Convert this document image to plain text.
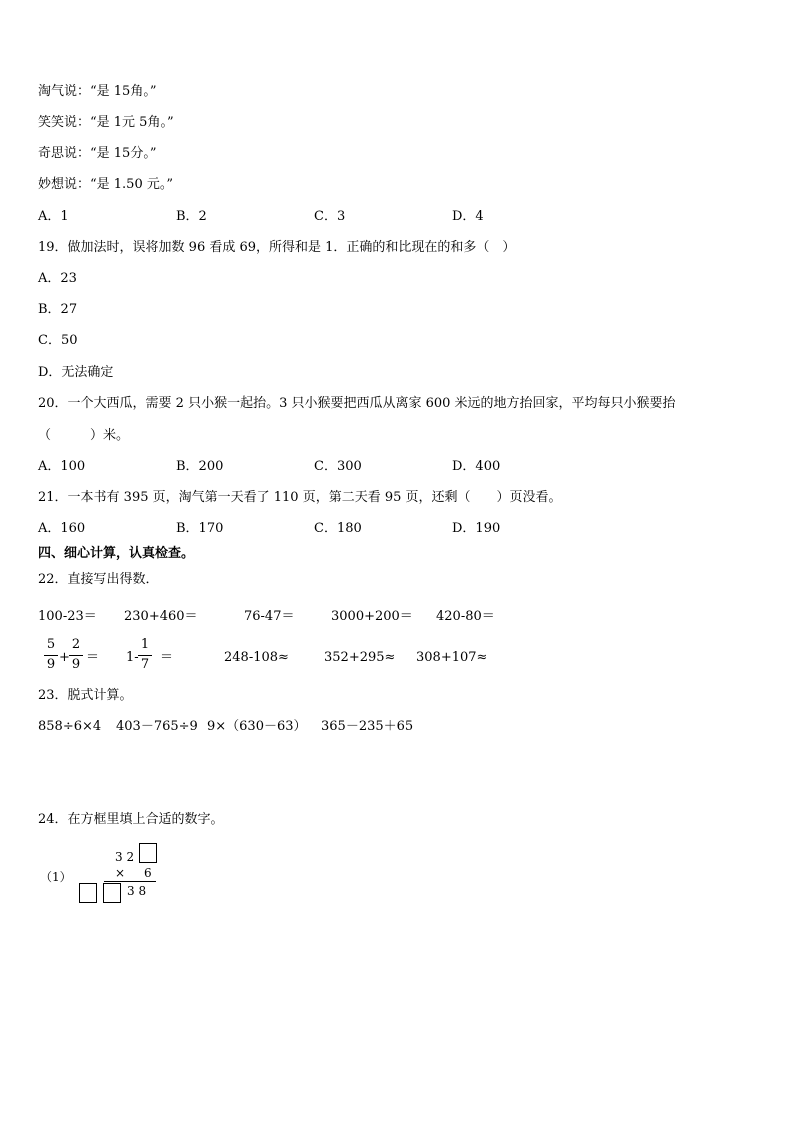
淘气说：“是 15角。”
笑笑说：“是 1元 5角。”
奇思说：“是 15分。”
妙想说：“是 1.50 元。”
A．1	B．2	C．3	D．4
19．做加法时，误将加数 96 看成 69，所得和是 1．正确的和比现在的和多（　）
A．23
B．27
C．50
D．无法确定
20．一个大西瓜，需要 2 只小猴一起抬。3 只小猴要把西瓜从离家 600 米远的地方抬回家，平均每只小猴要抬
（　　　）米。
A．100	B．200	C．300	D．400
21．一本书有 395 页，淘气第一天看了 110 页，第二天看 95 页，还剩（　　）页没看。
A．160	B．170	C．180	D．190
四、细心计算，认真检查。
22．直接写出得数．
100-23＝ 230+460＝	76-47＝	3000+200＝ 420-80＝
5
9 +
2
9 ＝ 1-
1
7 ＝	248-108≈	352+295≈ 308+107≈
23．脱式计算。
858÷6×4 403－765÷9 9×（630－63） 365－235＋65
24．在方框里填上合适的数字。
（1）
3 2
× 6
3 8
